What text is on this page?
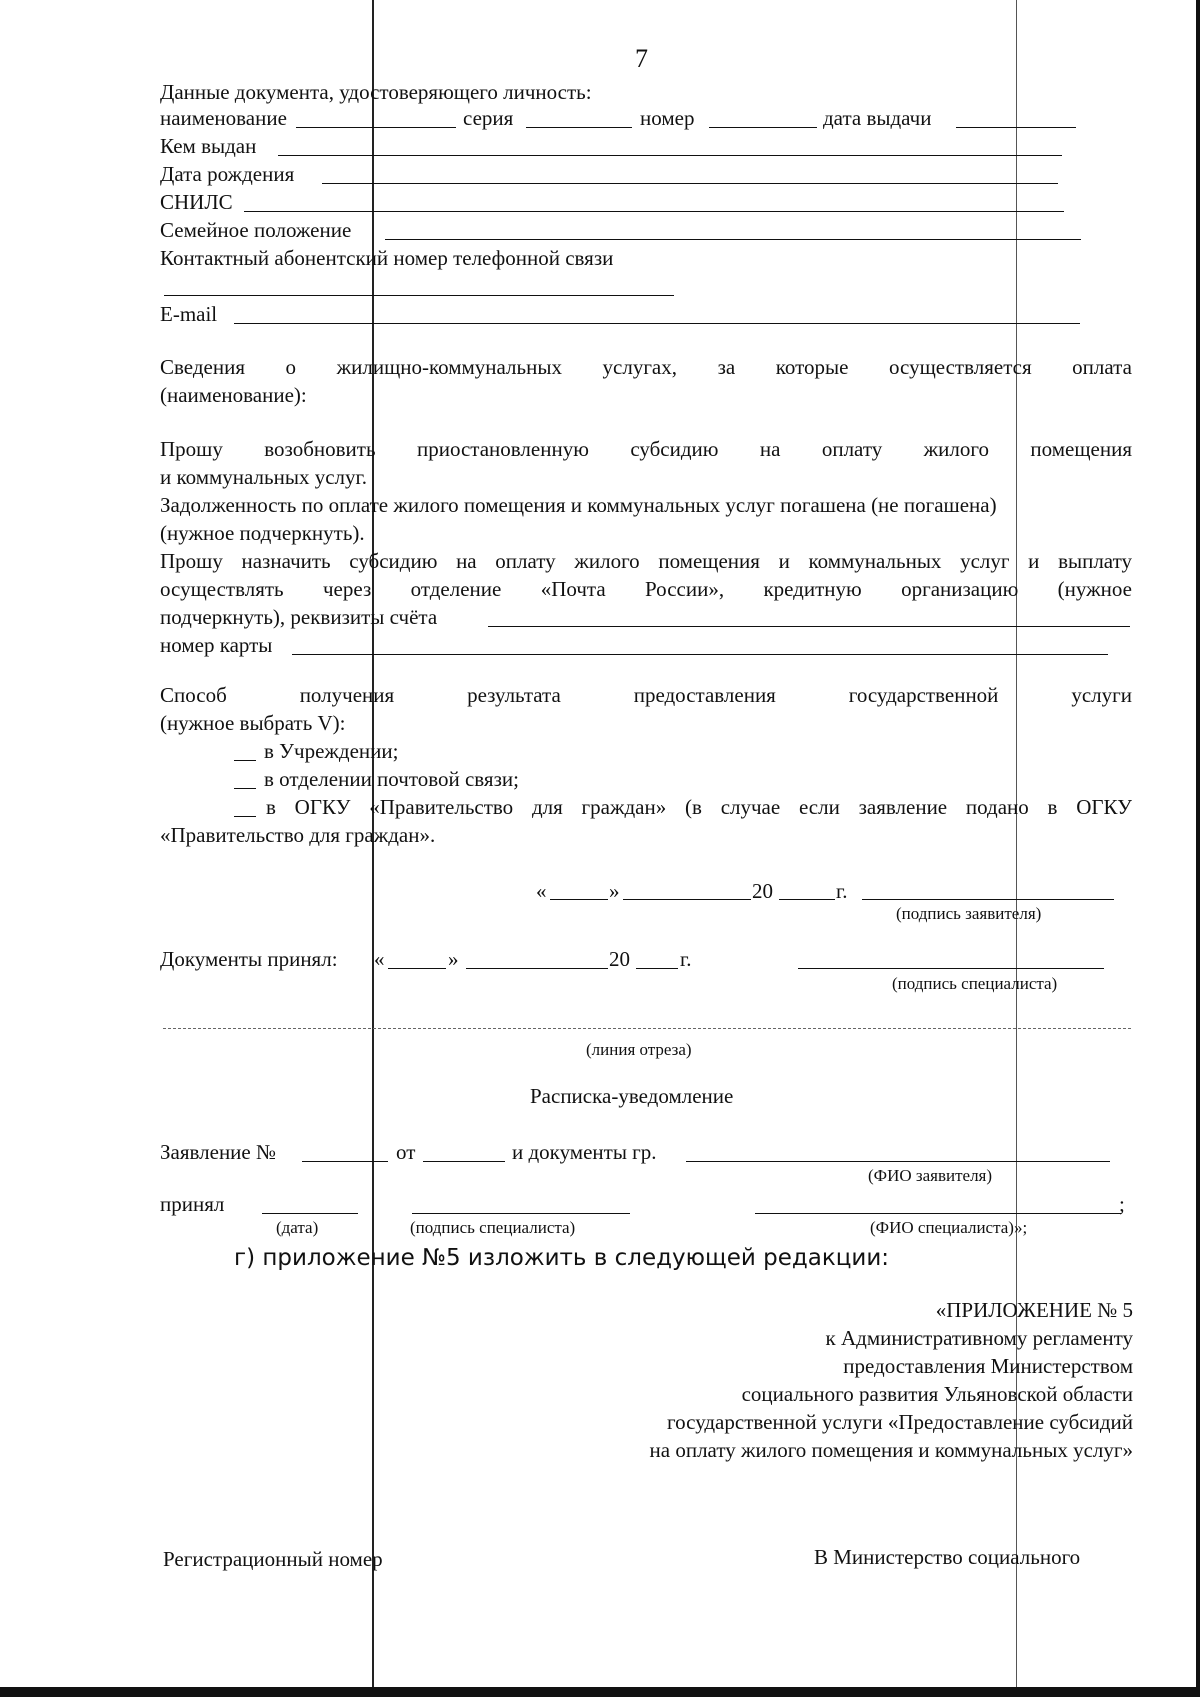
7
Данные документа, удостоверяющего личность:
наименование	серия	номер	дата выдачи
Кем выдан
Дата рождения
СНИЛС
Семейное положение
Контактный абонентский номер телефонной связи
E-mail
Сведения о жилищно-коммунальных услугах, за которые осуществляется оплата
(наименование):
Прошу возобновить приостановленную субсидию на оплату жилого помещения
и коммунальных услуг.
Задолженность по оплате жилого помещения и коммунальных услуг погашена (не погашена)
(нужное подчеркнуть).
Прошу назначить субсидию на оплату жилого помещения и коммунальных услуг и выплату
осуществлять через отделение «Почта России», кредитную организацию (нужное
подчеркнуть), реквизиты счёта
номер карты
Способ	получения	результата	предоставления	государственной	услуги
(нужное выбрать V):
в Учреждении;
в отделении почтовой связи;
в ОГКУ «Правительство для граждан» (в случае если заявление подано в ОГКУ
«Правительство для граждан».
«	»	20	г.
(подпись заявителя)
Документы принял: «	»	20 г.
(подпись специалиста)
(линия отреза)
Расписка-уведомление
Заявление №	от	и документы гр.
(ФИО заявителя)
принял	;
(дата)	(подпись специалиста)	(ФИО специалиста)»;
г) приложение №5 изложить в следующей редакции:
«ПРИЛОЖЕНИЕ № 5
к Административному регламенту
предоставления Министерством
социального развития Ульяновской области
государственной услуги «Предоставление субсидий
на оплату жилого помещения и коммунальных услуг»
Регистрационный номер	В Министерство социального
